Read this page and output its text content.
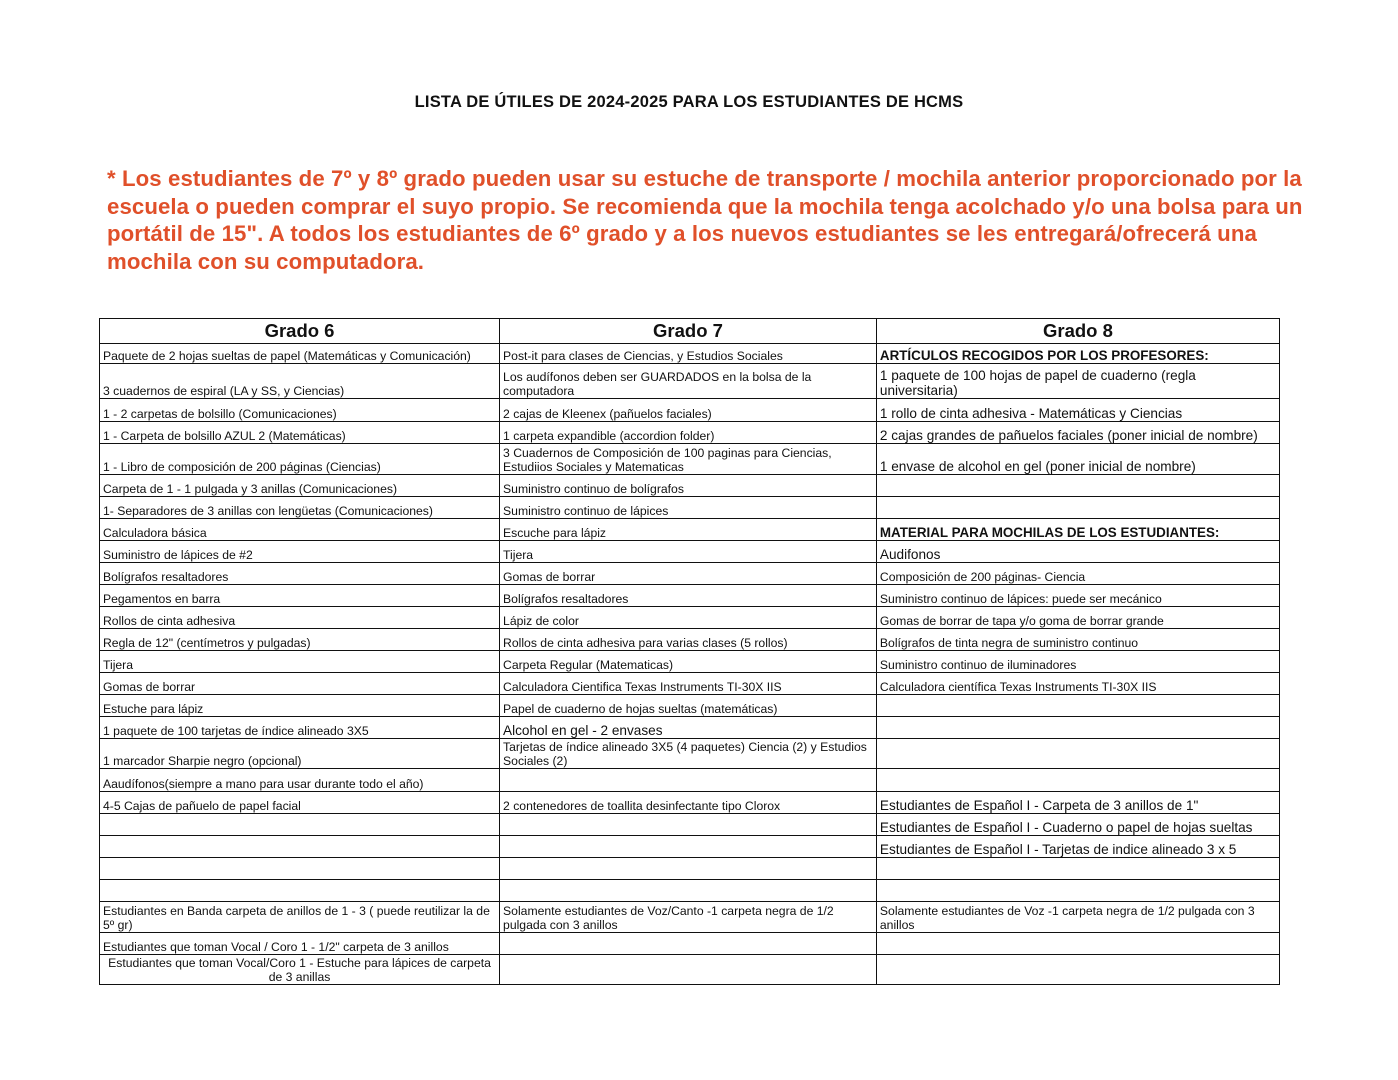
LISTA DE ÚTILES DE 2024-2025 PARA LOS ESTUDIANTES DE HCMS
* Los estudiantes de 7º y 8º grado pueden usar su estuche de transporte / mochila anterior proporcionado por la escuela o pueden comprar el suyo propio. Se recomienda que la mochila tenga acolchado y/o una bolsa para un portátil de 15". A todos los estudiantes de 6º grado y a los nuevos estudiantes se les entregará/ofrecerá una mochila con su computadora.
Grado 6	Grado 7	Grado 8
Paquete de 2 hojas sueltas de papel (Matemáticas y Comunicación)	Post-it para clases de Ciencias, y Estudios Sociales	ARTÍCULOS RECOGIDOS POR LOS PROFESORES:
3 cuadernos de espiral (LA y SS, y Ciencias)	Los audífonos deben ser GUARDADOS en la bolsa de la computadora	1 paquete de 100 hojas de papel de cuaderno (regla universitaria)
1 - 2 carpetas de bolsillo (Comunicaciones)	2 cajas de Kleenex (pañuelos faciales)	1 rollo de cinta adhesiva - Matemáticas y Ciencias
1 - Carpeta de bolsillo AZUL 2 (Matemáticas)	1 carpeta expandible (accordion folder)	2 cajas grandes de pañuelos faciales (poner inicial de nombre)
1 - Libro de composición de 200 páginas (Ciencias)	3 Cuadernos de Composición de 100 paginas para Ciencias, Estudiios Sociales y Matematicas	1 envase de alcohol en gel (poner inicial de nombre)
Carpeta de 1 - 1 pulgada y 3 anillas (Comunicaciones)	Suministro continuo de bolígrafos	
1- Separadores de 3 anillas con lengüetas (Comunicaciones)	Suministro continuo de lápices	
Calculadora básica	Escuche para lápiz	MATERIAL PARA MOCHILAS DE LOS ESTUDIANTES:
Suministro de lápices de #2	Tijera	Audifonos
Bolígrafos resaltadores	Gomas de borrar	Composición de 200 páginas- Ciencia
Pegamentos en barra	Bolígrafos resaltadores	Suministro continuo de lápices: puede ser mecánico
Rollos de cinta adhesiva	Lápiz de color	Gomas de borrar de tapa y/o goma de borrar grande
Regla de 12" (centímetros y pulgadas)	Rollos de cinta adhesiva para varias clases (5 rollos)	Bolígrafos de tinta negra de suministro continuo
Tijera	Carpeta Regular (Matematicas)	Suministro continuo de iluminadores
Gomas de borrar	Calculadora Cientifica Texas Instruments TI-30X IIS	Calculadora científica Texas Instruments TI-30X IIS
Estuche para lápiz	Papel de cuaderno de hojas sueltas (matemáticas)	
1 paquete de 100 tarjetas de índice alineado 3X5	Alcohol en gel - 2 envases	
1 marcador Sharpie negro (opcional)	Tarjetas de índice alineado 3X5 (4 paquetes) Ciencia (2) y Estudios Sociales (2)	
Aaudífonos(siempre a mano para usar durante todo el año)		
4-5 Cajas de pañuelo de papel facial	2 contenedores de toallita desinfectante tipo Clorox	Estudiantes de Español I - Carpeta de 3 anillos de 1"
		Estudiantes de Español I - Cuaderno o papel de hojas sueltas
		Estudiantes de Español I - Tarjetas de indice alineado 3 x 5

Estudiantes en Banda carpeta de anillos de 1 - 3 ( puede reutilizar la de 5º gr)	Solamente estudiantes de Voz/Canto -1 carpeta negra de 1/2 pulgada con 3 anillos	Solamente estudiantes de Voz -1 carpeta negra de 1/2 pulgada con 3 anillos
Estudiantes que toman Vocal / Coro 1 - 1/2" carpeta de 3 anillos		
Estudiantes que toman Vocal/Coro 1 - Estuche para lápices de carpeta de 3 anillas		
